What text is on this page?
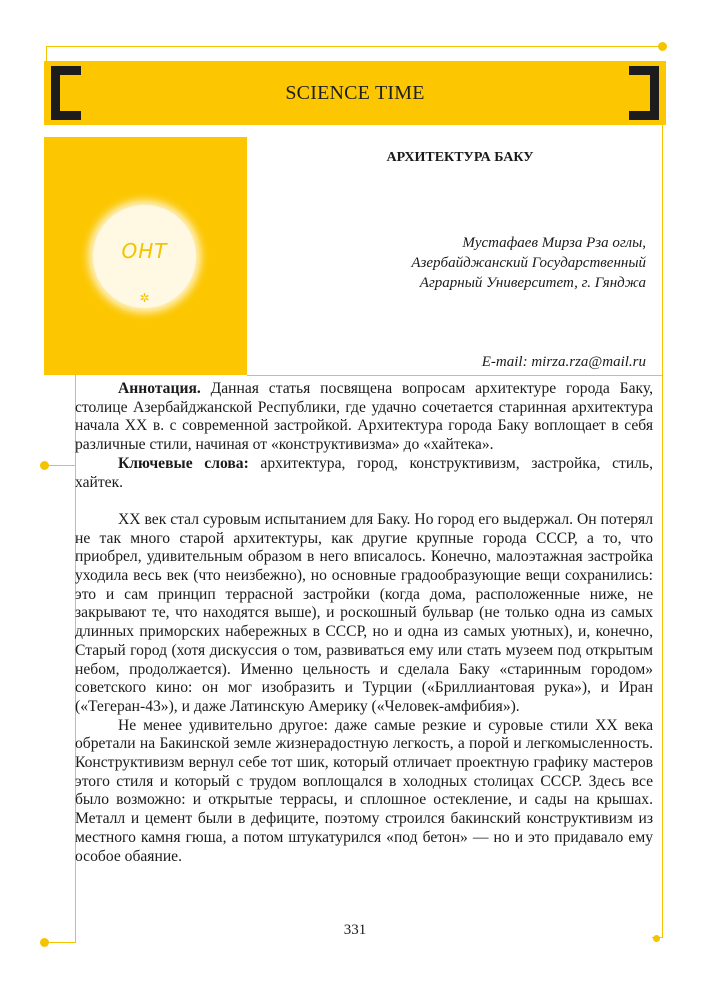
SCIENCE TIME
ОНТ
✲
АРХИТЕКТУРА БАКУ
Мустафаев Мирза Рза оглы,
Азербайджанский Государственный
Аграрный Университет, г. Гянджа
E-mail: mirza.rza@mail.ru

Аннотация. Данная статья посвящена вопросам архитектуре города Баку, столице Азербайджанской Республики, где удачно сочетается старинная архитектура начала XX в. с современной застройкой. Архитектура города Баку воплощает в себя различные стили, начиная от «конструктивизма» до «хайтека».

Ключевые слова: архитектура, город, конструктивизм, застройка, стиль, хайтек.

XX век стал суровым испытанием для Баку. Но город его выдержал. Он потерял не так много старой архитектуры, как другие крупные города СССР, а то, что приобрел, удивительным образом в него вписалось. Конечно, малоэтажная застройка уходила весь век (что неизбежно), но основные градообразующие вещи сохранились: это и сам принцип террасной застройки (когда дома, расположенные ниже, не закрывают те, что находятся выше), и роскошный бульвар (не только одна из самых длинных приморских набережных в СССР, но и одна из самых уютных), и, конечно, Старый город (хотя дискуссия о том, развиваться ему или стать музеем под открытым небом, продолжается). Именно цельность и сделала Баку «старинным городом» советского кино: он мог изобразить и Турции («Бриллиантовая рука»), и Иран («Тегеран-43»), и даже Латинскую Америку («Человек-амфибия»).

Не менее удивительно другое: даже самые резкие и суровые стили XX века обретали на Бакинской земле жизнерадостную легкость, а порой и легкомысленность. Конструктивизм вернул себе тот шик, который отличает проектную графику мастеров этого стиля и который с трудом воплощался в холодных столицах СССР. Здесь все было возможно: и открытые террасы, и сплошное остекление, и сады на крышах. Металл и цемент были в дефиците, поэтому строился бакинский конструктивизм из местного камня гюша, а потом штукатурился «под бетон» — но и это придавало ему особое обаяние.

331
